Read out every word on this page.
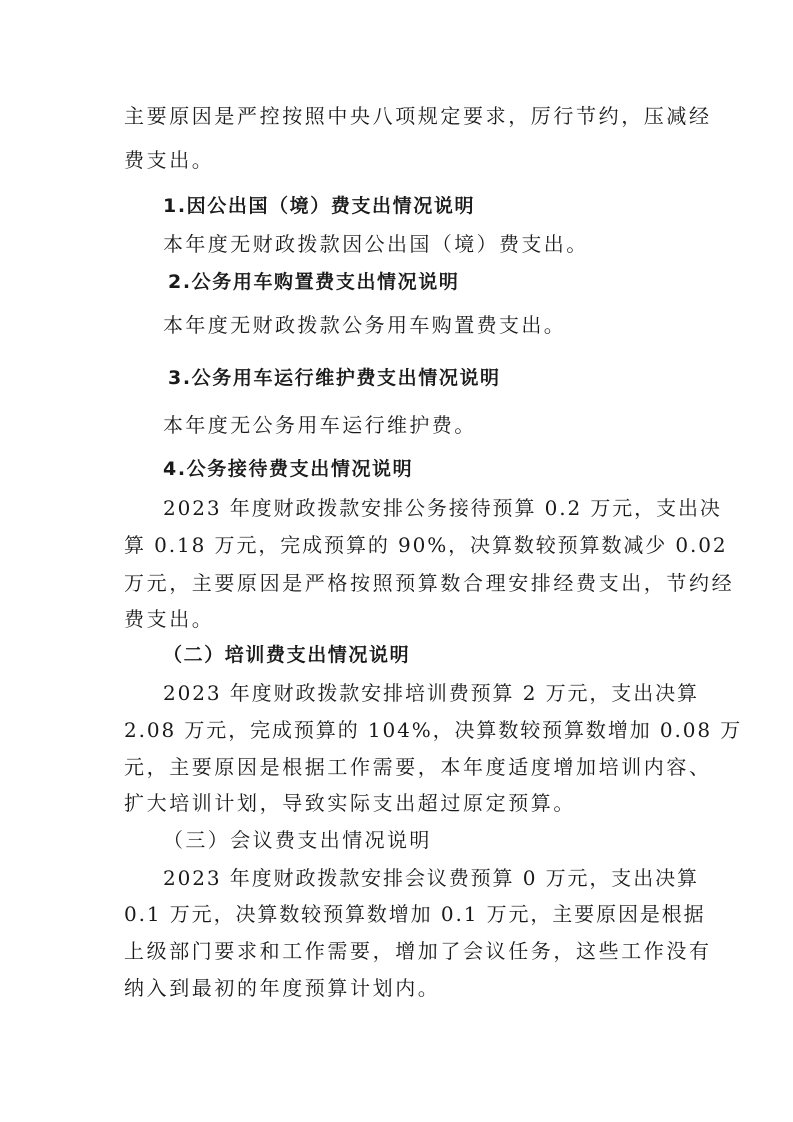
主要原因是严控按照中央八项规定要求，厉行节约，压减经
费支出。
1.因公出国（境）费支出情况说明
本年度无财政拨款因公出国（境）费支出。
2.公务用车购置费支出情况说明
本年度无财政拨款公务用车购置费支出。
3.公务用车运行维护费支出情况说明
本年度无公务用车运行维护费。
4.公务接待费支出情况说明
2023 年度财政拨款安排公务接待预算 0.2 万元，支出决
算 0.18 万元，完成预算的 90%，决算数较预算数减少 0.02
万元，主要原因是严格按照预算数合理安排经费支出，节约经
费支出。
（二）培训费支出情况说明
2023 年度财政拨款安排培训费预算 2 万元，支出决算
2.08 万元，完成预算的 104%，决算数较预算数增加 0.08 万
元，主要原因是根据工作需要，本年度适度增加培训内容、
扩大培训计划，导致实际支出超过原定预算。
（三）会议费支出情况说明
2023 年度财政拨款安排会议费预算 0 万元，支出决算
0.1 万元，决算数较预算数增加 0.1 万元，主要原因是根据
上级部门要求和工作需要，增加了会议任务，这些工作没有
纳入到最初的年度预算计划内。
